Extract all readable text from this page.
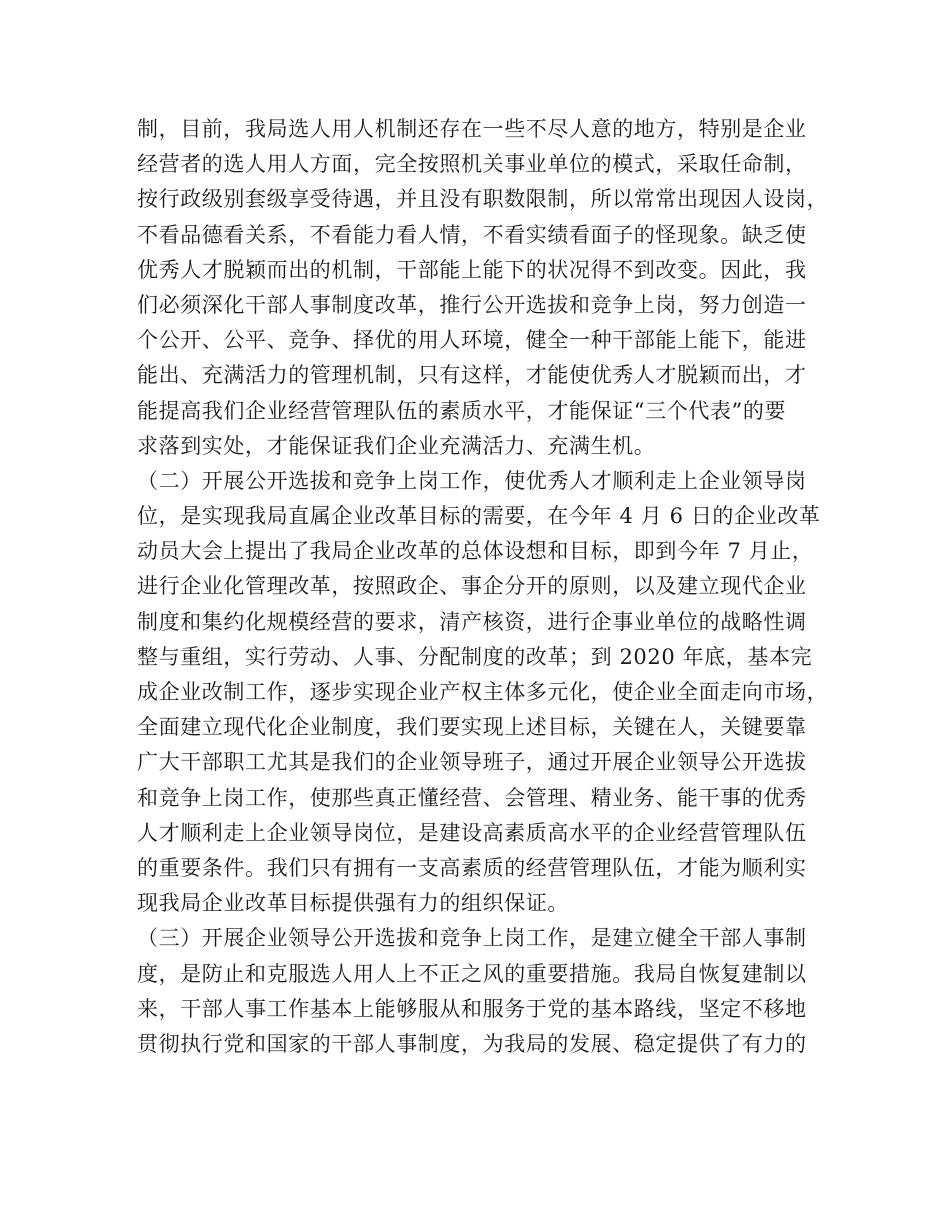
制，目前，我局选人用人机制还存在一些不尽人意的地方，特别是企业
经营者的选人用人方面，完全按照机关事业单位的模式，采取任命制，
按行政级别套级享受待遇，并且没有职数限制，所以常常出现因人设岗，
不看品德看关系，不看能力看人情，不看实绩看面子的怪现象。缺乏使
优秀人才脱颖而出的机制，干部能上能下的状况得不到改变。因此，我
们必须深化干部人事制度改革，推行公开选拔和竞争上岗，努力创造一
个公开、公平、竞争、择优的用人环境，健全一种干部能上能下，能进
能出、充满活力的管理机制，只有这样，才能使优秀人才脱颖而出，才
能提高我们企业经营管理队伍的素质水平，才能保证“三个代表”的要
求落到实处，才能保证我们企业充满活力、充满生机。
（二）开展公开选拔和竞争上岗工作，使优秀人才顺利走上企业领导岗
位，是实现我局直属企业改革目标的需要，在今年 4 月 6 日的企业改革
动员大会上提出了我局企业改革的总体设想和目标，即到今年 7 月止，
进行企业化管理改革，按照政企、事企分开的原则，以及建立现代企业
制度和集约化规模经营的要求，清产核资，进行企事业单位的战略性调
整与重组，实行劳动、人事、分配制度的改革；到 2020 年底，基本完
成企业改制工作，逐步实现企业产权主体多元化，使企业全面走向市场，
全面建立现代化企业制度，我们要实现上述目标，关键在人，关键要靠
广大干部职工尤其是我们的企业领导班子，通过开展企业领导公开选拔
和竞争上岗工作，使那些真正懂经营、会管理、精业务、能干事的优秀
人才顺利走上企业领导岗位，是建设高素质高水平的企业经营管理队伍
的重要条件。我们只有拥有一支高素质的经营管理队伍，才能为顺利实
现我局企业改革目标提供强有力的组织保证。
（三）开展企业领导公开选拔和竞争上岗工作，是建立健全干部人事制
度，是防止和克服选人用人上不正之风的重要措施。我局自恢复建制以
来，干部人事工作基本上能够服从和服务于党的基本路线，坚定不移地
贯彻执行党和国家的干部人事制度，为我局的发展、稳定提供了有力的
